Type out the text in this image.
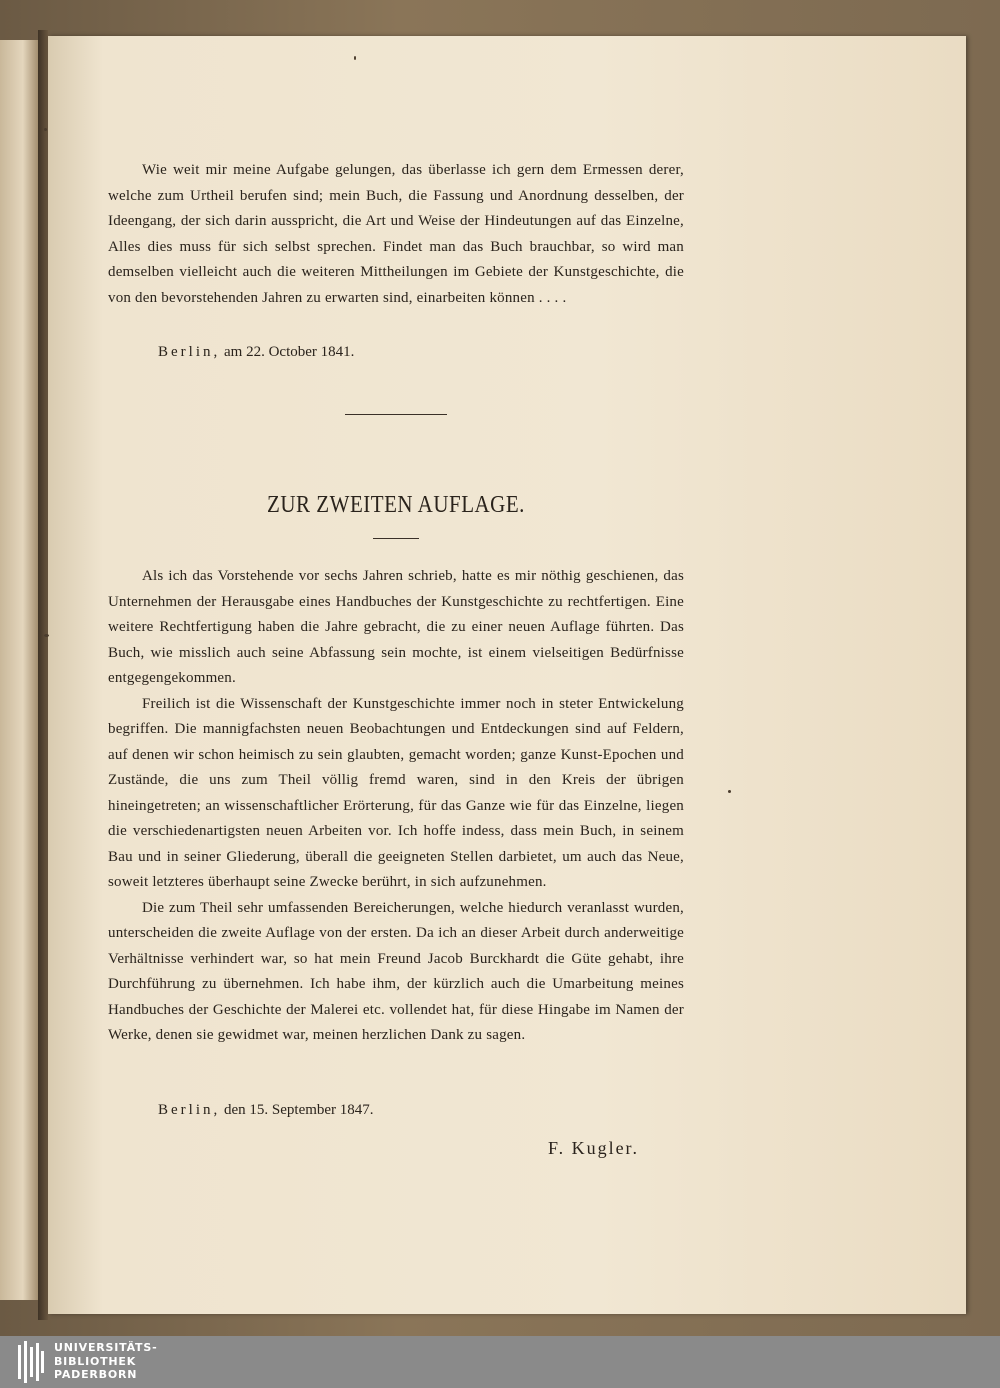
Wie weit mir meine Aufgabe gelungen, das überlasse ich gern dem Ermessen derer, welche zum Urtheil berufen sind; mein Buch, die Fassung und Anordnung desselben, der Ideengang, der sich darin ausspricht, die Art und Weise der Hindeutungen auf das Einzelne, Alles dies muss für sich selbst sprechen. Findet man das Buch brauchbar, so wird man demselben vielleicht auch die weiteren Mittheilungen im Gebiete der Kunstgeschichte, die von den bevorstehenden Jahren zu erwarten sind, einarbeiten können . . . .

Berlin, am 22. October 1841.
ZUR ZWEITEN AUFLAGE.

Als ich das Vorstehende vor sechs Jahren schrieb, hatte es mir nöthig geschienen, das Unternehmen der Herausgabe eines Handbuches der Kunstgeschichte zu rechtfertigen. Eine weitere Rechtfertigung haben die Jahre gebracht, die zu einer neuen Auflage führten. Das Buch, wie misslich auch seine Abfassung sein mochte, ist einem vielseitigen Bedürfnisse entgegengekommen.

Freilich ist die Wissenschaft der Kunstgeschichte immer noch in steter Entwickelung begriffen. Die mannigfachsten neuen Beobachtungen und Entdeckungen sind auf Feldern, auf denen wir schon heimisch zu sein glaubten, gemacht worden; ganze Kunst-Epochen und Zustände, die uns zum Theil völlig fremd waren, sind in den Kreis der übrigen hineingetreten; an wissenschaftlicher Erörterung, für das Ganze wie für das Einzelne, liegen die verschiedenartigsten neuen Arbeiten vor. Ich hoffe indess, dass mein Buch, in seinem Bau und in seiner Gliederung, überall die geeigneten Stellen darbietet, um auch das Neue, soweit letzteres überhaupt seine Zwecke berührt, in sich aufzunehmen.

Die zum Theil sehr umfassenden Bereicherungen, welche hiedurch veranlasst wurden, unterscheiden die zweite Auflage von der ersten. Da ich an dieser Arbeit durch anderweitige Verhältnisse verhindert war, so hat mein Freund Jacob Burckhardt die Güte gehabt, ihre Durchführung zu übernehmen. Ich habe ihm, der kürzlich auch die Umarbeitung meines Handbuches der Geschichte der Malerei etc. vollendet hat, für diese Hingabe im Namen der Werke, denen sie gewidmet war, meinen herzlichen Dank zu sagen.

Berlin, den 15. September 1847.
F. Kugler.
UNIVERSITÄTS-
BIBLIOTHEK
PADERBORN
